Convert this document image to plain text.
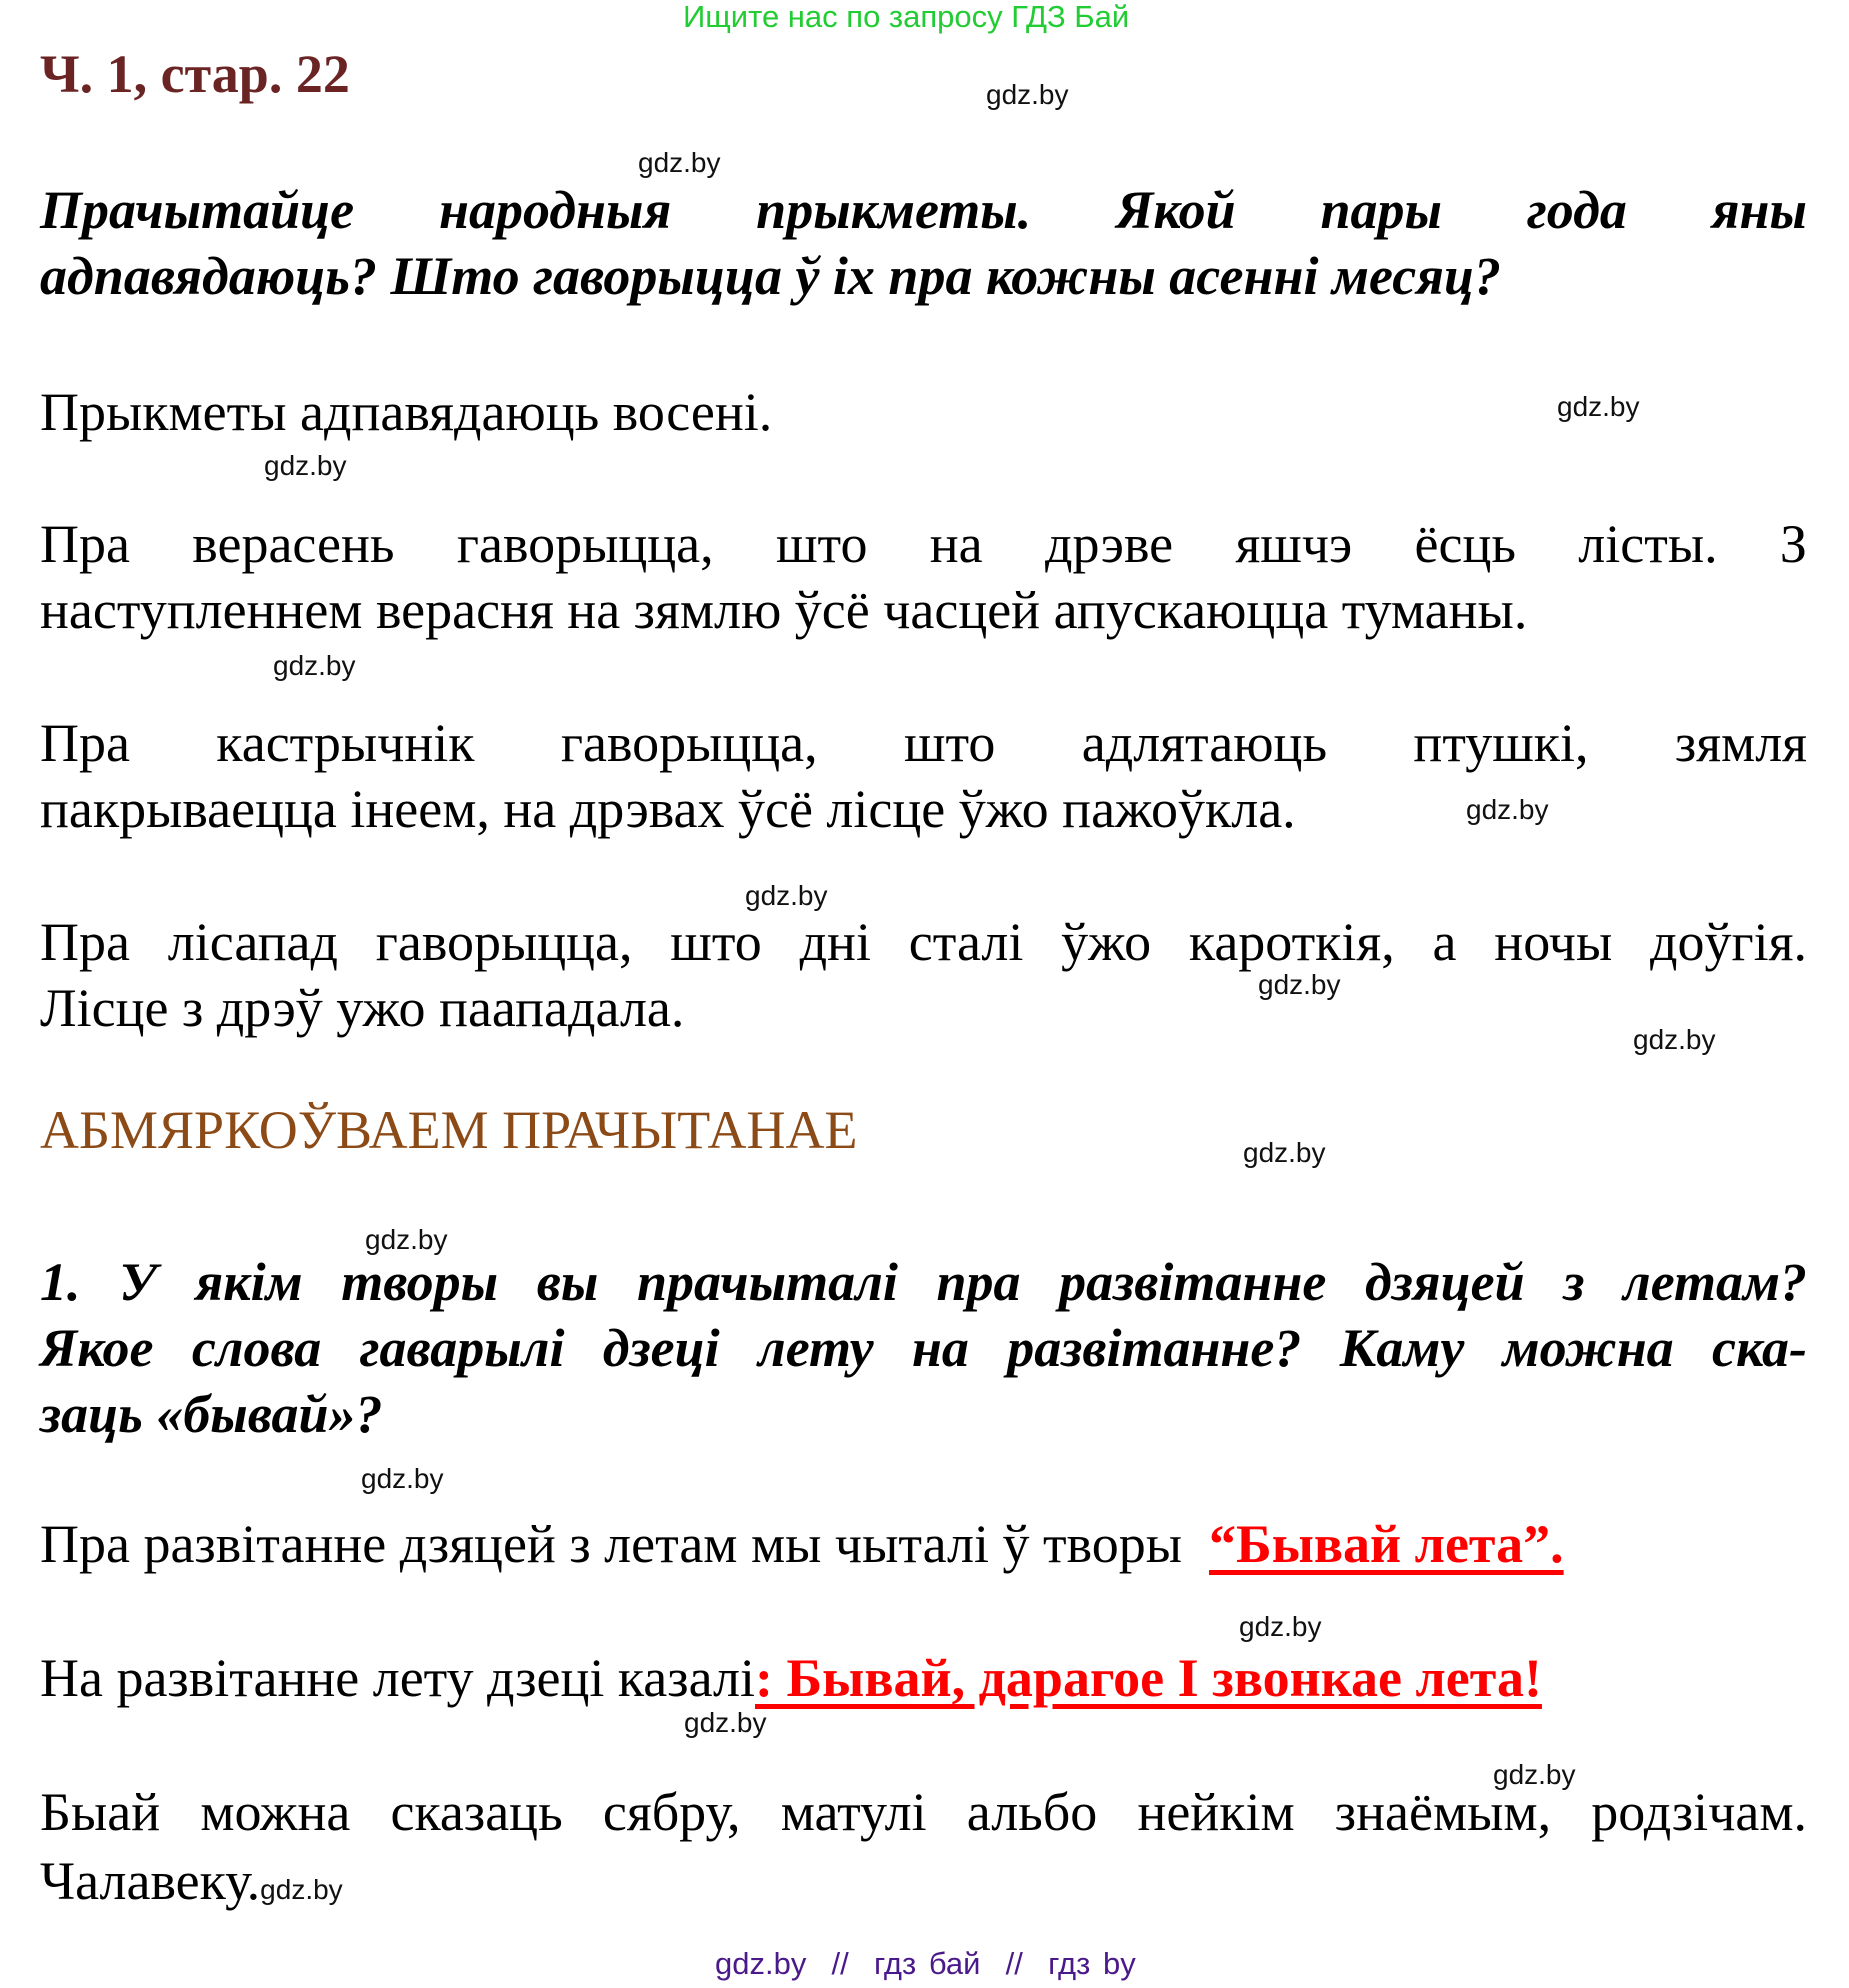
Ищите нас по запросу ГДЗ Бай
Ч. 1, стар. 22	gdz.by
gdz.by
Прачытайце народныя прыкметы. Якой пары года яны
адпавядаюць? Што гаворыцца ў іх пра кожны асенні месяц?
Прыкметы адпавядаюць восені.	gdz.by
gdz.by
Пра верасень гаворыцца, што на дрэве яшчэ ёсць лісты. З
наступленнем верасня на зямлю ўсё часцей апускаюцца туманы.
gdz.by
Пра кастрычнік гаворыцца, што адлятаюць птушкі, зямля
пакрываецца інеем, на дрэвах ўсё лісце ўжо пажоўкла.	gdz.by
gdz.by
Пра лісапад гаворыцца, што дні сталі ўжо кароткія, а ночы доўгія.
gdz.by
Лісце з дрэў ужо паападала.
gdz.by
АБМЯРКОЎВАЕМ ПРАЧЫТАНАЕ	gdz.by
gdz.by
1. У якім творы вы прачыталі пра развітанне дзяцей з летам?
Якое слова гаварылі дзеці лету на развітанне? Каму можна ска-
заць «бывай»?
gdz.by
Пра развітанне дзяцей з летам мы чыталі ў творы “Бывай лета”.
gdz.by
На развітанне лету дзеці казалі: Бывай, дарагое І звонкае лета!
gdz.by
gdz.by
Быай можна сказаць сябру, матулі альбо нейкім знаёмым, родзічам.
Чалавеку.gdz.by
gdz.by  //  гдз бай  //  гдз by
